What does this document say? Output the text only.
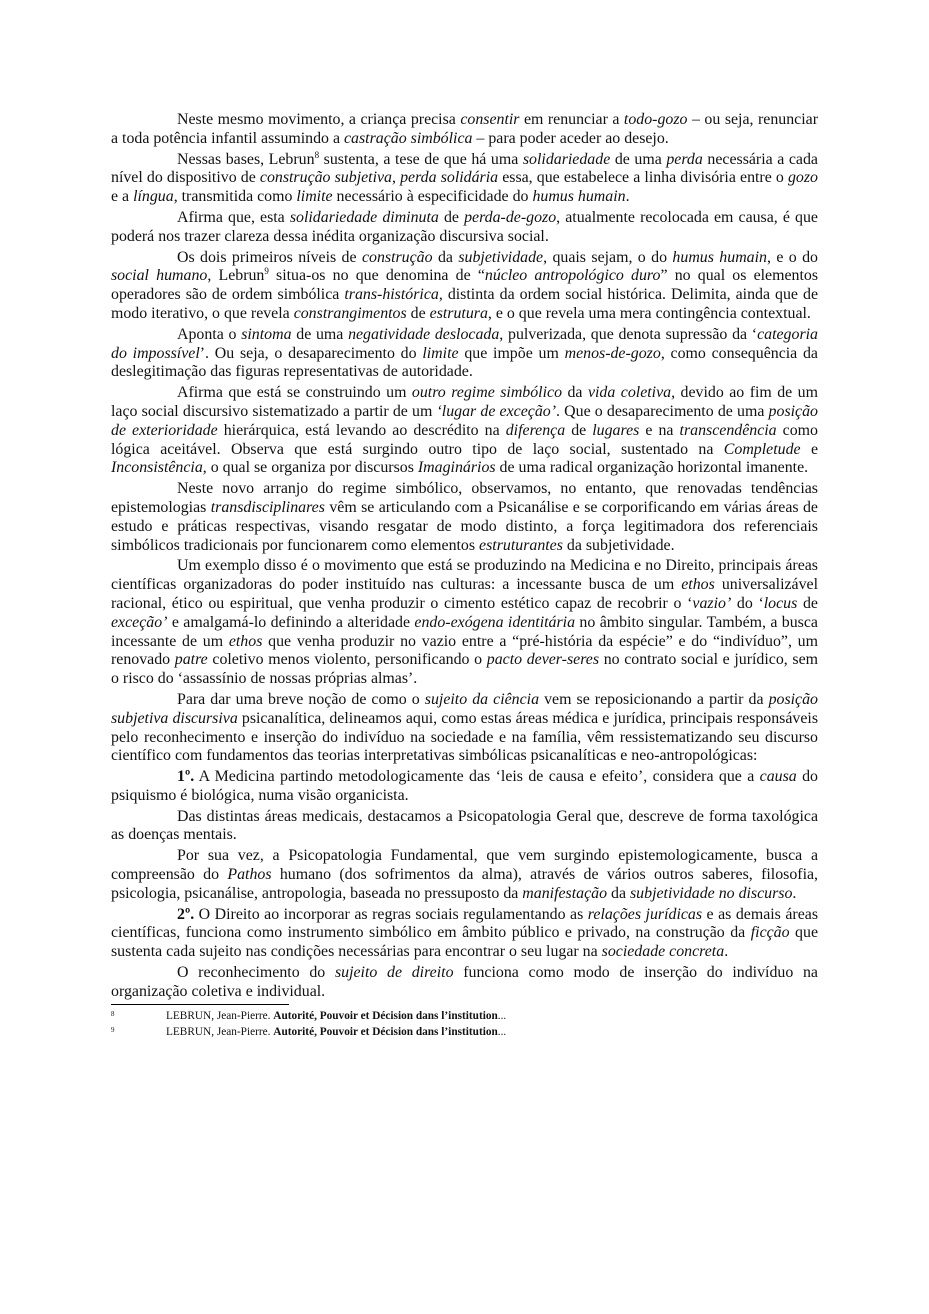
Neste mesmo movimento, a criança precisa consentir em renunciar a todo-gozo – ou seja, renunciar a toda potência infantil assumindo a castração simbólica – para poder aceder ao desejo.

Nessas bases, Lebrun$^8$ sustenta, a tese de que há uma solidariedade de uma perda necessária a cada nível do dispositivo de construção subjetiva, perda solidária essa, que estabelece a linha divisória entre o gozo e a língua, transmitida como limite necessário à especificidade do humus humain.

Afirma que, esta solidariedade diminuta de perda-de-gozo, atualmente recolocada em causa, é que poderá nos trazer clareza dessa inédita organização discursiva social.

Os dois primeiros níveis de construção da subjetividade, quais sejam, o do humus humain, e o do social humano, Lebrun$^9$ situa-os no que denomina de “núcleo antropológico duro” no qual os elementos operadores são de ordem simbólica trans-histórica, distinta da ordem social histórica. Delimita, ainda que de modo iterativo, o que revela constrangimentos de estrutura, e o que revela uma mera contingência contextual.

Aponta o sintoma de uma negatividade deslocada, pulverizada, que denota supressão da ‘categoria do impossível’. Ou seja, o desaparecimento do limite que impõe um menos-de-gozo, como consequência da deslegitimação das figuras representativas de autoridade.

Afirma que está se construindo um outro regime simbólico da vida coletiva, devido ao fim de um laço social discursivo sistematizado a partir de um ‘lugar de exceção’. Que o desaparecimento de uma posição de exterioridade hierárquica, está levando ao descrédito na diferença de lugares e na transcendência como lógica aceitável. Observa que está surgindo outro tipo de laço social, sustentado na Completude e Inconsistência, o qual se organiza por discursos Imaginários de uma radical organização horizontal imanente.

Neste novo arranjo do regime simbólico, observamos, no entanto, que renovadas tendências epistemologias transdisciplinares vêm se articulando com a Psicanálise e se corporificando em várias áreas de estudo e práticas respectivas, visando resgatar de modo distinto, a força legitimadora dos referenciais simbólicos tradicionais por funcionarem como elementos estruturantes da subjetividade.

Um exemplo disso é o movimento que está se produzindo na Medicina e no Direito, principais áreas científicas organizadoras do poder instituído nas culturas: a incessante busca de um ethos universalizável racional, ético ou espiritual, que venha produzir o cimento estético capaz de recobrir o ‘vazio’ do ‘locus de exceção’ e amalgamá-lo definindo a alteridade endo-exógena identitária no âmbito singular. Também, a busca incessante de um ethos que venha produzir no vazio entre a “pré-história da espécie” e do “indivíduo”, um renovado patre coletivo menos violento, personificando o pacto dever-seres no contrato social e jurídico, sem o risco do ‘assassínio de nossas próprias almas’.

Para dar uma breve noção de como o sujeito da ciência vem se reposicionando a partir da posição subjetiva discursiva psicanalítica, delineamos aqui, como estas áreas médica e jurídica, principais responsáveis pelo reconhecimento e inserção do indivíduo na sociedade e na família, vêm ressistematizando seu discurso científico com fundamentos das teorias interpretativas simbólicas psicanalíticas e neo-antropológicas:

1º. A Medicina partindo metodologicamente das ‘leis de causa e efeito’, considera que a causa do psiquismo é biológica, numa visão organicista.

Das distintas áreas medicais, destacamos a Psicopatologia Geral que, descreve de forma taxológica as doenças mentais.

Por sua vez, a Psicopatologia Fundamental, que vem surgindo epistemologicamente, busca a compreensão do Pathos humano (dos sofrimentos da alma), através de vários outros saberes, filosofia, psicologia, psicanálise, antropologia, baseada no pressuposto da manifestação da subjetividade no discurso.

2º. O Direito ao incorporar as regras sociais regulamentando as relações jurídicas e as demais áreas científicas, funciona como instrumento simbólico em âmbito público e privado, na construção da ficção que sustenta cada sujeito nas condições necessárias para encontrar o seu lugar na sociedade concreta.

O reconhecimento do sujeito de direito funciona como modo de inserção do indivíduo na organização coletiva e individual.

8	LEBRUN, Jean-Pierre. Autorité, Pouvoir et Décision dans l’institution...
9	LEBRUN, Jean-Pierre. Autorité, Pouvoir et Décision dans l’institution...
